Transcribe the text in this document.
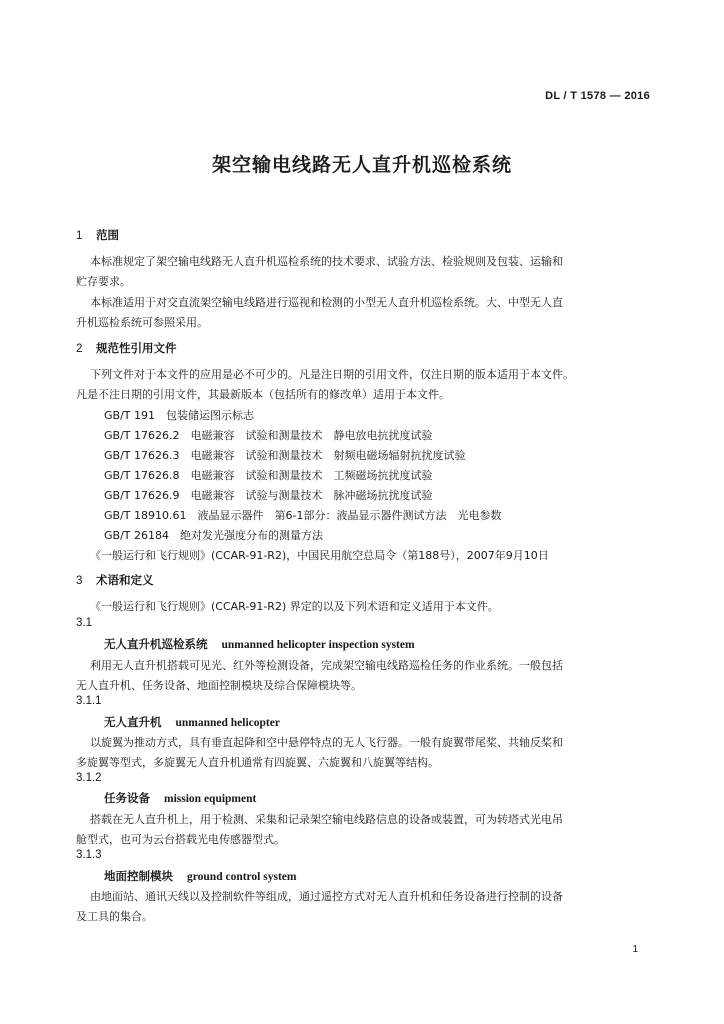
DL / T 1578 — 2016
架空输电线路无人直升机巡检系统
1 范围
本标准规定了架空输电线路无人直升机巡检系统的技术要求、试验方法、检验规则及包装、运输和
贮存要求。
本标准适用于对交直流架空输电线路进行巡视和检测的小型无人直升机巡检系统。大、中型无人直
升机巡检系统可参照采用。
2 规范性引用文件
下列文件对于本文件的应用是必不可少的。凡是注日期的引用文件，仅注日期的版本适用于本文件。
凡是不注日期的引用文件，其最新版本（包括所有的修改单）适用于本文件。
GB/T 191　包装储运图示标志
GB/T 17626.2　电磁兼容　试验和测量技术　静电放电抗扰度试验
GB/T 17626.3　电磁兼容　试验和测量技术　射频电磁场辐射抗扰度试验
GB/T 17626.8　电磁兼容　试验和测量技术　工频磁场抗扰度试验
GB/T 17626.9　电磁兼容　试验与测量技术　脉冲磁场抗扰度试验
GB/T 18910.61　液晶显示器件　第6-1部分：液晶显示器件测试方法　光电参数
GB/T 26184　绝对发光强度分布的测量方法
《一般运行和飞行规则》(CCAR-91-R2)，中国民用航空总局令（第188号），2007年9月10日
3 术语和定义
《一般运行和飞行规则》(CCAR-91-R2) 界定的以及下列术语和定义适用于本文件。
3.1
无人直升机巡检系统 unmanned helicopter inspection system
利用无人直升机搭载可见光、红外等检测设备，完成架空输电线路巡检任务的作业系统。一般包括
无人直升机、任务设备、地面控制模块及综合保障模块等。
3.1.1
无人直升机 unmanned helicopter
以旋翼为推动方式，具有垂直起降和空中悬停特点的无人飞行器。一般有旋翼带尾桨、共轴反桨和
多旋翼等型式，多旋翼无人直升机通常有四旋翼、六旋翼和八旋翼等结构。
3.1.2
任务设备 mission equipment
搭载在无人直升机上，用于检测、采集和记录架空输电线路信息的设备或装置，可为转塔式光电吊
舱型式，也可为云台搭载光电传感器型式。
3.1.3
地面控制模块 ground control system
由地面站、通讯天线以及控制软件等组成，通过遥控方式对无人直升机和任务设备进行控制的设备
及工具的集合。
1
